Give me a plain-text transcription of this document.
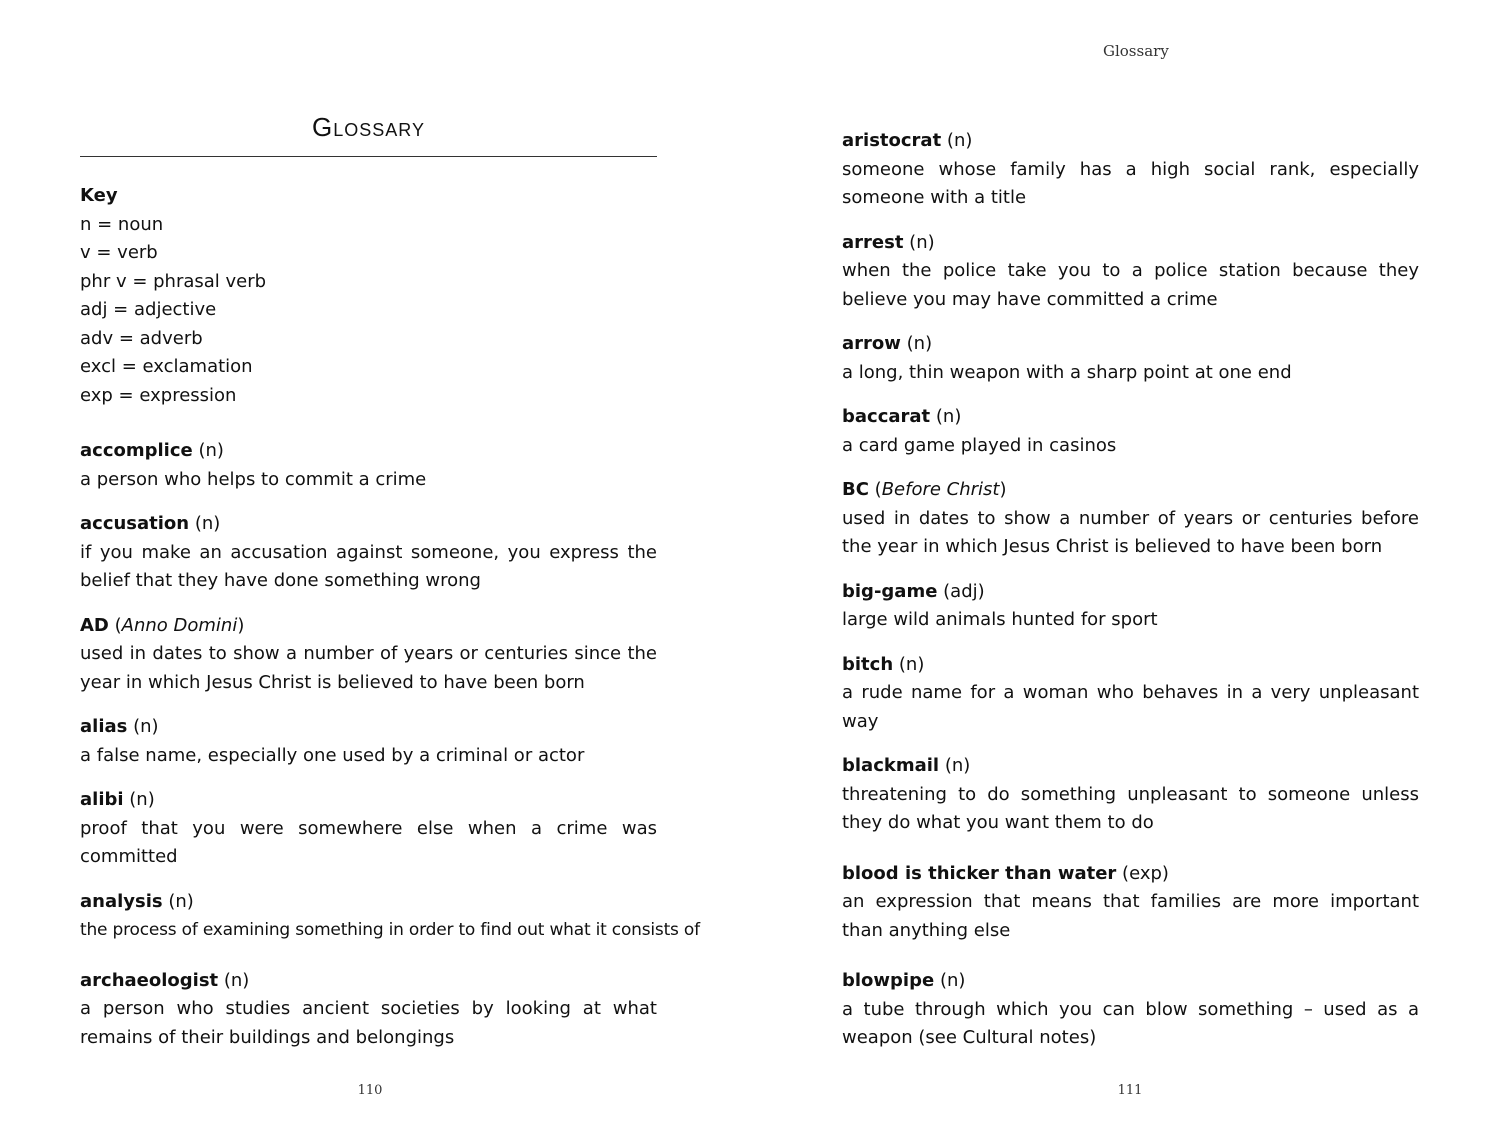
Glossary
Key
n = noun
v = verb
phr v = phrasal verb
adj = adjective
adv = adverb
excl = exclamation
exp = expression
accomplice (n)
a person who helps to commit a crime
accusation (n)
if you make an accusation against someone, you express the belief that they have done something wrong
AD (Anno Domini)
used in dates to show a number of years or centuries since the year in which Jesus Christ is believed to have been born
alias (n)
a false name, especially one used by a criminal or actor
alibi (n)
proof that you were somewhere else when a crime was committed
analysis (n)
the process of examining something in order to find out what it consists of
archaeologist (n)
a person who studies ancient societies by looking at what remains of their buildings and belongings
110
Glossary
aristocrat (n)
someone whose family has a high social rank, especially someone with a title
arrest (n)
when the police take you to a police station because they believe you may have committed a crime
arrow (n)
a long, thin weapon with a sharp point at one end
baccarat (n)
a card game played in casinos
BC (Before Christ)
used in dates to show a number of years or centuries before the year in which Jesus Christ is believed to have been born
big-game (adj)
large wild animals hunted for sport
bitch (n)
a rude name for a woman who behaves in a very unpleasant way
blackmail (n)
threatening to do something unpleasant to someone unless they do what you want them to do
blood is thicker than water (exp)
an expression that means that families are more important than anything else
blowpipe (n)
a tube through which you can blow something – used as a weapon (see Cultural notes)
111
